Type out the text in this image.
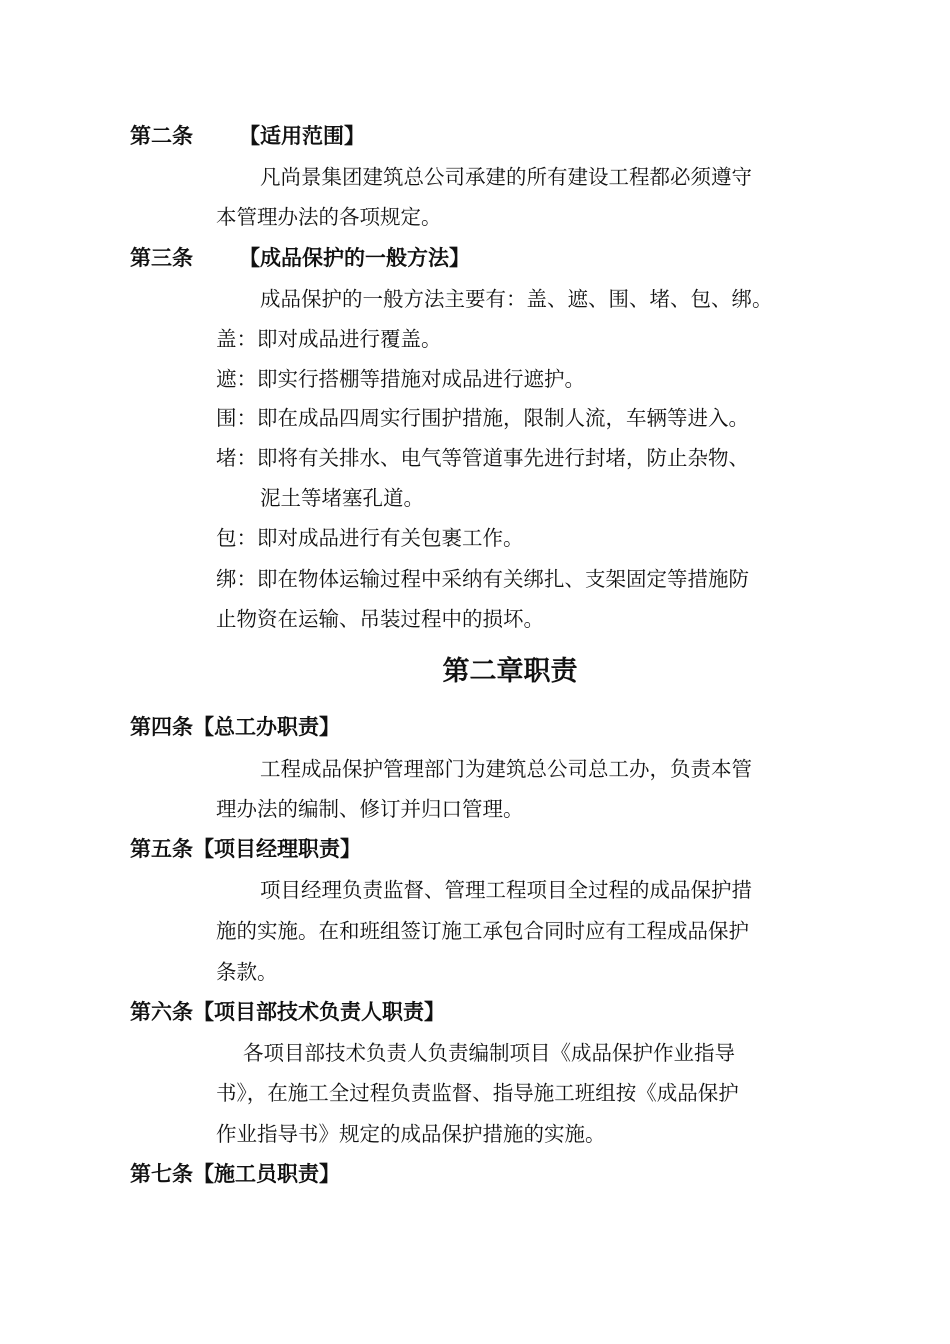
第二条 【适用范围】
凡尚景集团建筑总公司承建的所有建设工程都必须遵守
本管理办法的各项规定。
第三条 【成品保护的一般方法】
成品保护的一般方法主要有：盖、遮、围、堵、包、绑。
盖：即对成品进行覆盖。
遮：即实行搭棚等措施对成品进行遮护。
围：即在成品四周实行围护措施，限制人流，车辆等进入。
堵：即将有关排水、电气等管道事先进行封堵，防止杂物、
泥土等堵塞孔道。
包：即对成品进行有关包裹工作。
绑：即在物体运输过程中采纳有关绑扎、支架固定等措施防
止物资在运输、吊装过程中的损坏。
第二章职责
第四条【总工办职责】
工程成品保护管理部门为建筑总公司总工办，负责本管
理办法的编制、修订并归口管理。
第五条【项目经理职责】
项目经理负责监督、管理工程项目全过程的成品保护措
施的实施。在和班组签订施工承包合同时应有工程成品保护
条款。
第六条【项目部技术负责人职责】
各项目部技术负责人负责编制项目《成品保护作业指导
书》，在施工全过程负责监督、指导施工班组按《成品保护
作业指导书》规定的成品保护措施的实施。
第七条【施工员职责】
